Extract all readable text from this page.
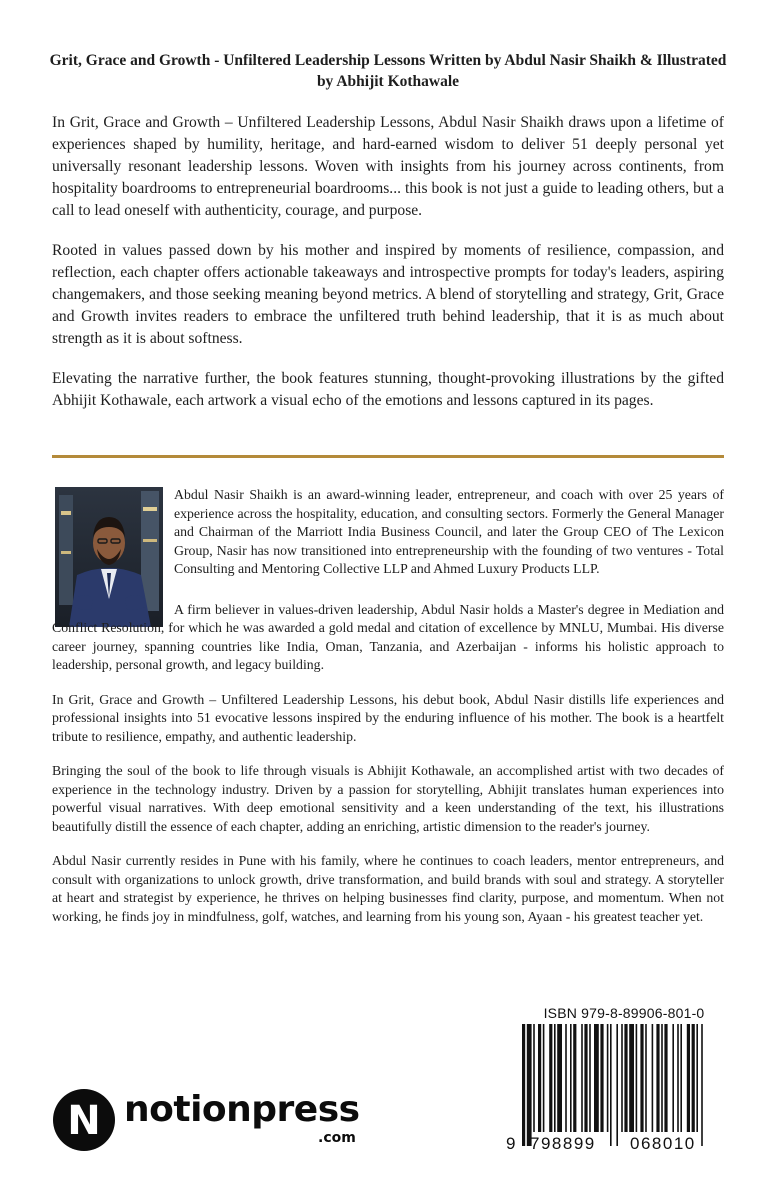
Grit, Grace and Growth - Unfiltered Leadership Lessons Written by Abdul Nasir Shaikh & Illustrated by Abhijit Kothawale

In Grit, Grace and Growth – Unfiltered Leadership Lessons, Abdul Nasir Shaikh draws upon a lifetime of experiences shaped by humility, heritage, and hard-earned wisdom to deliver 51 deeply personal yet universally resonant leadership lessons. Woven with insights from his journey across continents, from hospitality boardrooms to entrepreneurial boardrooms... this book is not just a guide to leading others, but a call to lead oneself with authenticity, courage, and purpose.

Rooted in values passed down by his mother and inspired by moments of resilience, compassion, and reflection, each chapter offers actionable takeaways and introspective prompts for today's leaders, aspiring changemakers, and those seeking meaning beyond metrics. A blend of storytelling and strategy, Grit, Grace and Growth invites readers to embrace the unfiltered truth behind leadership, that it is as much about strength as it is about softness.

Elevating the narrative further, the book features stunning, thought-provoking illustrations by the gifted Abhijit Kothawale, each artwork a visual echo of the emotions and lessons captured in its pages.

Abdul Nasir Shaikh is an award-winning leader, entrepreneur, and coach with over 25 years of experience across the hospitality, education, and consulting sectors. Formerly the General Manager and Chairman of the Marriott India Business Council, and later the Group CEO of The Lexicon Group, Nasir has now transitioned into entrepreneurship with the founding of two ventures - Total Consulting and Mentoring Collective LLP and Ahmed Luxury Products LLP.

A firm believer in values-driven leadership, Abdul Nasir holds a Master's degree in Mediation and Conflict Resolution, for which he was awarded a gold medal and citation of excellence by MNLU, Mumbai. His diverse career journey, spanning countries like India, Oman, Tanzania, and Azerbaijan - informs his holistic approach to leadership, personal growth, and legacy building.

In Grit, Grace and Growth – Unfiltered Leadership Lessons, his debut book, Abdul Nasir distills life experiences and professional insights into 51 evocative lessons inspired by the enduring influence of his mother. The book is a heartfelt tribute to resilience, empathy, and authentic leadership.

Bringing the soul of the book to life through visuals is Abhijit Kothawale, an accomplished artist with two decades of experience in the technology industry. Driven by a passion for storytelling, Abhijit translates human experiences into powerful visual narratives. With deep emotional sensitivity and a keen understanding of the text, his illustrations beautifully distill the essence of each chapter, adding an enriching, artistic dimension to the reader's journey.

Abdul Nasir currently resides in Pune with his family, where he continues to coach leaders, mentor entrepreneurs, and consult with organizations to unlock growth, drive transformation, and build brands with soul and strategy. A storyteller at heart and strategist by experience, he thrives on helping businesses find clarity, purpose, and momentum. When not working, he finds joy in mindfulness, golf, watches, and learning from his young son, Ayaan - his greatest teacher yet.

N notionpress
.com
ISBN 979-8-89906-801-0
9 798899 068010
